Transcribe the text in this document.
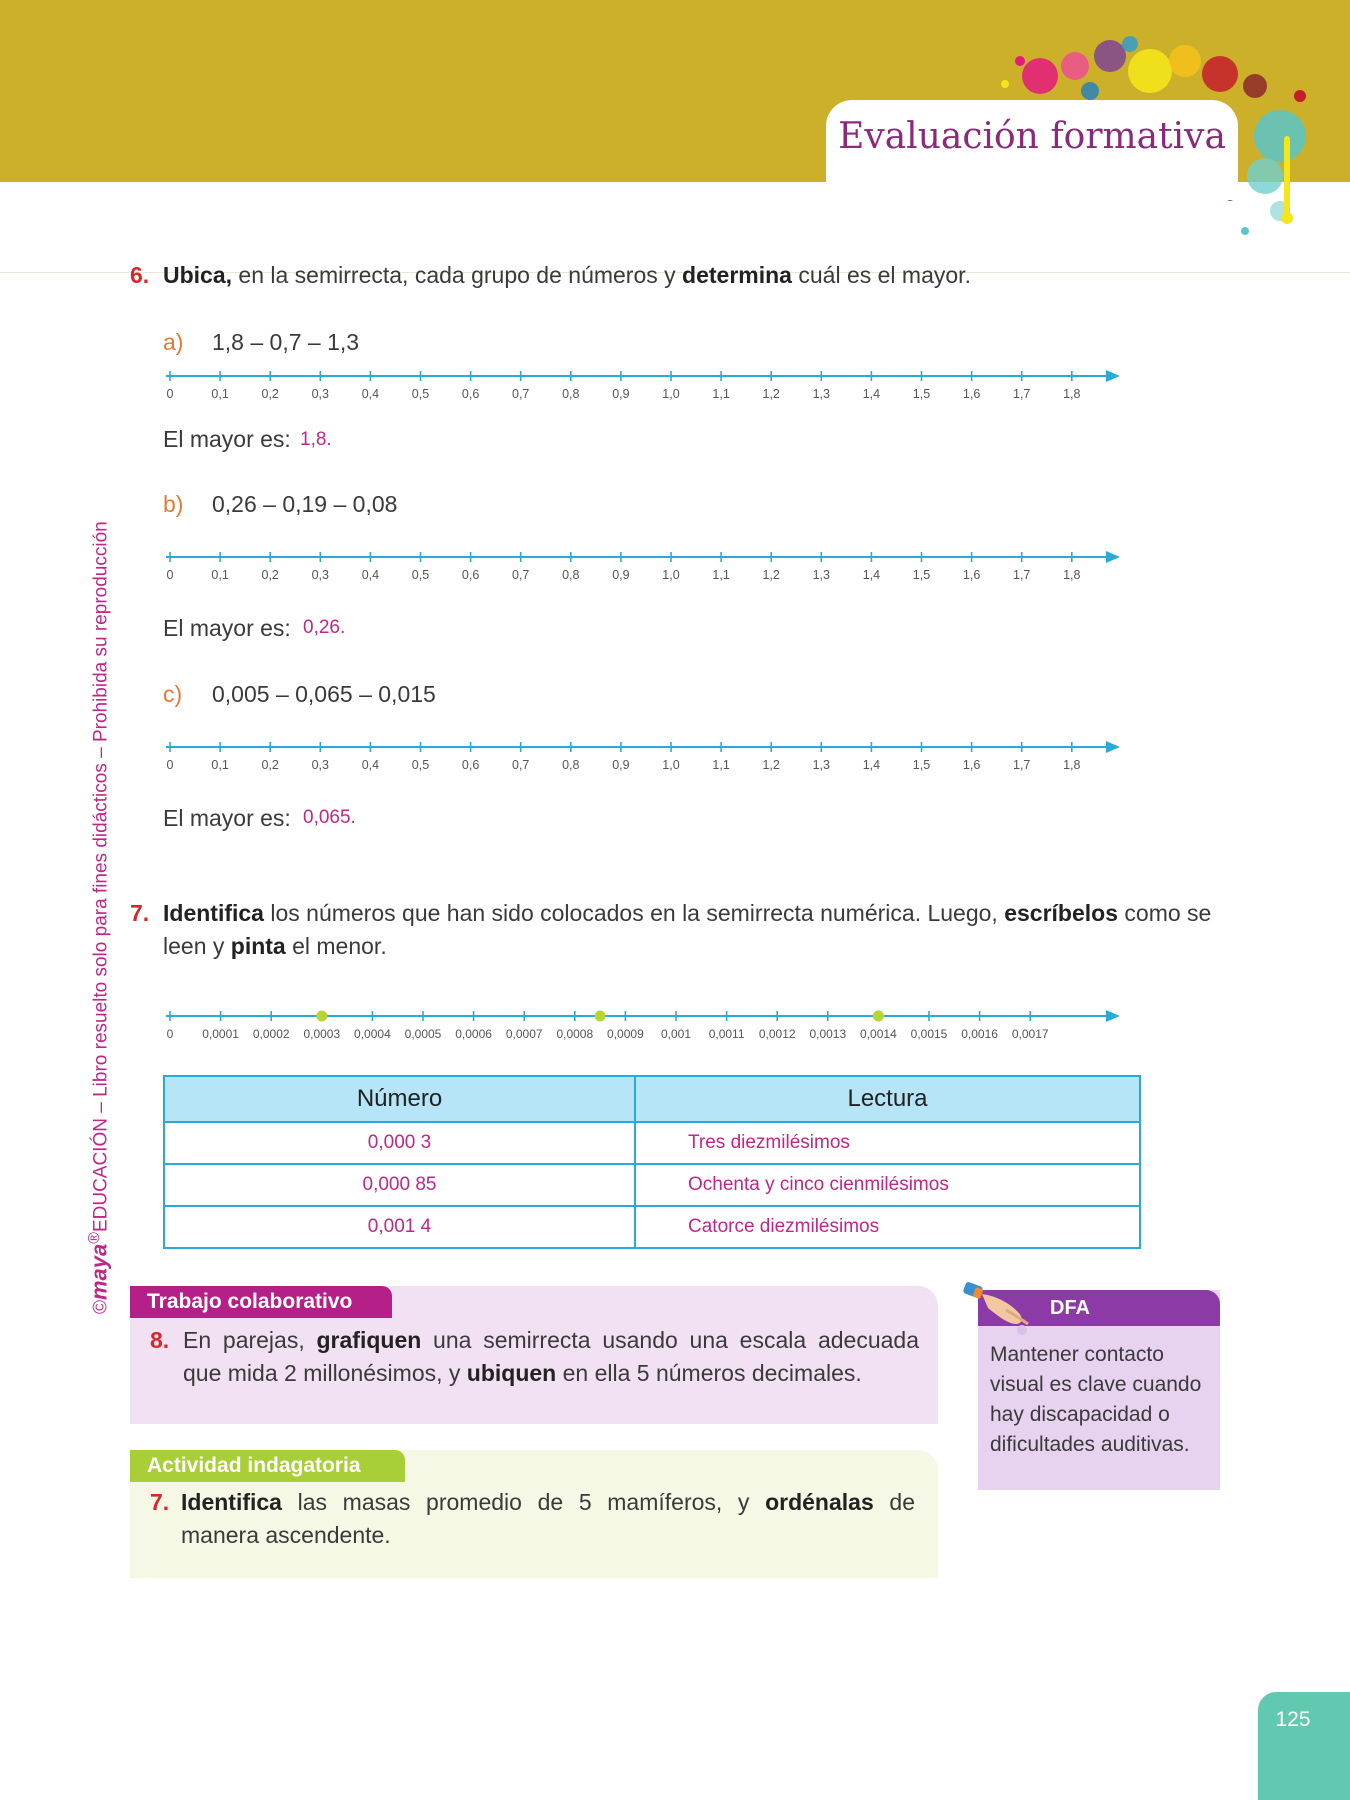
Evaluación formativa
©maya®EDUCACIÓN – Libro resuelto solo para fines didácticos – Prohibida su reproducción
6. Ubica, en la semirrecta, cada grupo de números y determina cuál es el mayor.
a) 1,8 – 0,7 – 1,3
0	0,1	0,2	0,3	0,4	0,5	0,6	0,7	0,8	0,9	1,0	1,1	1,2	1,3	1,4	1,5	1,6	1,7	1,8
El mayor es: 1,8.
b) 0,26 – 0,19 – 0,08
0	0,1	0,2	0,3	0,4	0,5	0,6	0,7	0,8	0,9	1,0	1,1	1,2	1,3	1,4	1,5	1,6	1,7	1,8
El mayor es: 0,26.
c) 0,005 – 0,065 – 0,015
0	0,1	0,2	0,3	0,4	0,5	0,6	0,7	0,8	0,9	1,0	1,1	1,2	1,3	1,4	1,5	1,6	1,7	1,8
El mayor es: 0,065.
7. Identifica los números que han sido colocados en la semirrecta numérica. Luego, escríbelos como se leen y pinta el menor.
0 0,0001 0,0002 0,0003 0,0004 0,0005 0,0006 0,0007 0,0008 0,0009 0,001 0,0011 0,0012 0,0013 0,0014 0,0015 0,0016 0,0017
Número	Lectura
0,000 3	Tres diezmilésimos
0,000 85	Ochenta y cinco cienmilésimos
0,001 4	Catorce diezmilésimos
Trabajo colaborativo
8. En parejas, grafiquen una semirrecta usando una escala adecuada que mida 2 millonésimos, y ubiquen en ella 5 números decimales.
Actividad indagatoria
7. Identifica las masas promedio de 5 mamíferos, y ordénalas de manera ascendente.
DFA
Mantener contacto visual es clave cuando hay discapacidad o dificultades auditivas.
125
